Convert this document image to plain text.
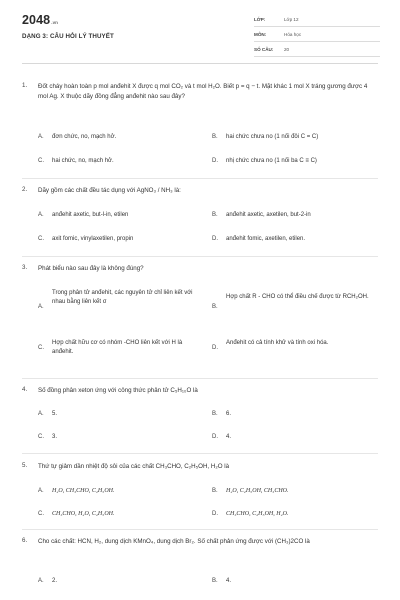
2048.vn
DẠNG 3: CÂU HỎI LÝ THUYẾT
LỚP:	Lớp 12
MÔN:	Hóa học
SỐ CÂU: 20
1. Đốt cháy hoàn toàn p mol anđehit X được q mol CO₂ và t mol H₂O. Biết p = q − t. Mặt khác 1 mol X tráng gương được 4 mol Ag. X thuộc dãy đồng đẳng anđehit nào sau đây?
A. đơn chức, no, mạch hở.	B. hai chức chưa no (1 nối đôi C = C)
C. hai chức, no, mạch hở.	D. nhị chức chưa no (1 nối ba C ≡ C)
2. Dãy gồm các chất đều tác dụng với AgNO₃ / NH₃ là:
A. anđehit axetic, but-l-in, etilen	B. anđehit axetic, axetilen, but-2-in
C. axit fomic, vinylaxetilen, propin	D. anđehit fomic, axetilen, etilen.
3. Phát biểu nào sau đây là không đúng?
A.
Trong phân tử anđehit, các nguyên tử chỉ liên kết với nhau bằng liên kết σ
B.
Hợp chất R - CHO có thể điều chế được từ RCH₂OH.
C.
Hợp chất hữu cơ có nhóm -CHO liên kết với H là anđehit.
D.
Anđehit có cả tính khử và tính oxi hóa.
4. Số đồng phân xeton ứng với công thức phân tử C₅H₁₀O là
A. 5.	B. 6.
C. 3.	D. 4.
5. Thứ tự giảm dần nhiệt độ sôi của các chất CH₃CHO, C₂H₅OH, H₂O là
A. H₂O, CH₃CHO, C₂H₅OH.	B. H₂O, C₂H₅OH, CH₃CHO.
C. CH₃CHO, H₂O, C₂H₅OH.	D. CH₃CHO, C₂H₅OH, H₂O.
6. Cho các chất: HCN, H₂, dung dịch KMnO₄, dung dịch Br₂. Số chất phản ứng được với (CH₃)2CO là
A. 2.	B. 4.
